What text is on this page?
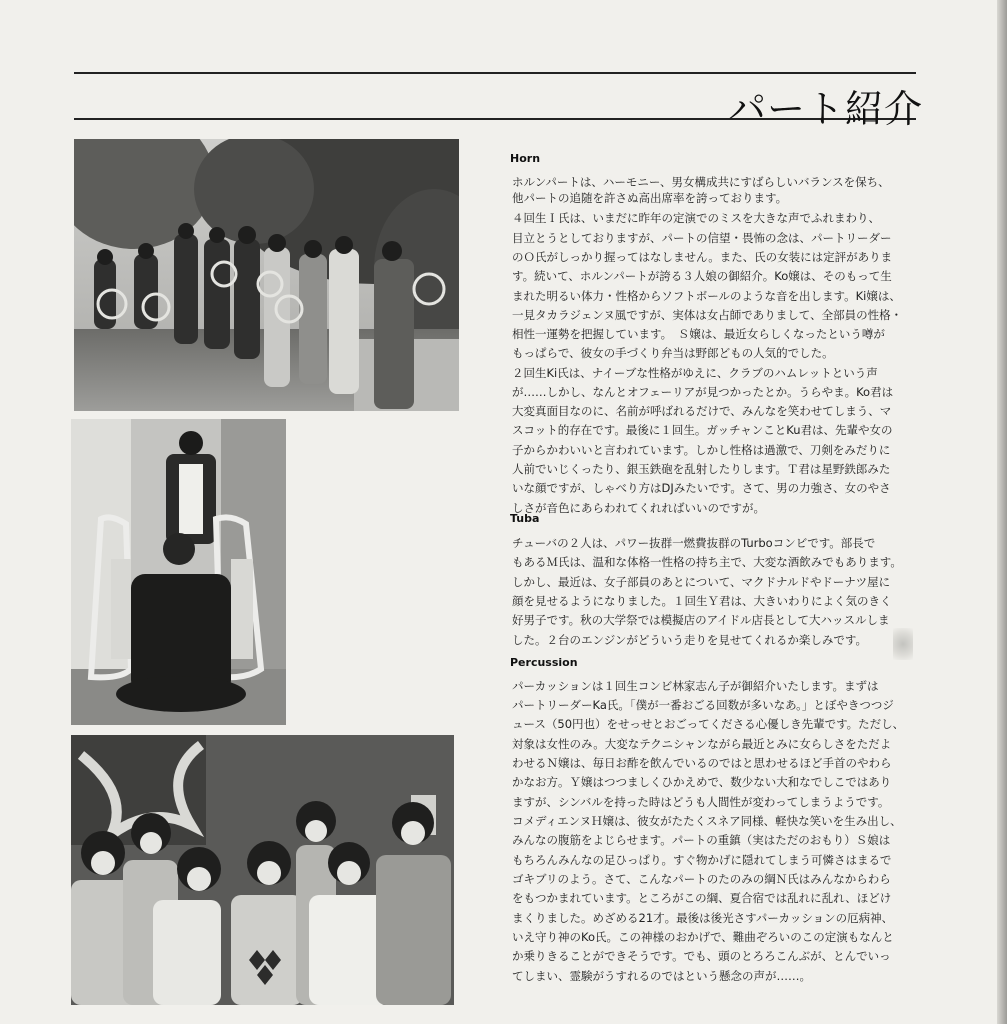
パート紹介
Horn

ホルンパートは、ハーモニー、男女構成共にすばらしいバランスを保ち、

他パートの追随を許さぬ高出席率を誇っております。

４回生Ｉ氏は、いまだに昨年の定演でのミスを大きな声でふれまわり、

目立とうとしておりますが、パートの信望・畏怖の念は、パートリーダー

のＯ氏がしっかり握ってはなしません。また、氏の女装には定評がありま

す。続いて、ホルンパートが誇る３人娘の御紹介。Ko嬢は、そのもって生

まれた明るい体力・性格からソフトボールのような音を出します。Ki嬢は、

一見タカラジェンヌ風ですが、実体は女占師でありまして、全部員の性格・

相性一運勢を把握しています。　Ｓ嬢は、最近女らしくなったという噂が

もっぱらで、彼女の手づくり弁当は野郎どもの人気的でした。

２回生Ki氏は、ナイーブな性格がゆえに、クラブのハムレットという声

が……しかし、なんとオフェーリアが見つかったとか。うらやま。Ko君は

大変真面目なのに、名前が呼ばれるだけで、みんなを笑わせてしまう、マ

スコット的存在です。最後に１回生。ガッチャンことKu君は、先輩や女の

子からかわいいと言われています。しかし性格は過激で、刀剣をみだりに

人前でいじくったり、銀玉鉄砲を乱射したりします。Ｔ君は星野鉄郎みた

いな顔ですが、しゃべり方はDJみたいです。さて、男の力強さ、女のやさ

しさが音色にあらわれてくれればいいのですが。

Tuba

チューバの２人は、パワー抜群一燃費抜群のTurboコンビです。部長で

もあるＭ氏は、温和な体格一性格の持ち主で、大変な酒飲みでもあります。

しかし、最近は、女子部員のあとについて、マクドナルドやドーナツ屋に

顔を見せるようになりました。１回生Ｙ君は、大きいわりによく気のきく

好男子です。秋の大学祭では模擬店のアイドル店長として大ハッスルしま

した。２台のエンジンがどういう走りを見せてくれるか楽しみです。

Percussion

パーカッションは１回生コンビ林家志ん子が御紹介いたします。まずは

パートリーダーKa氏。「僕が一番おごる回数が多いなあ。」とぼやきつつジ

ュース（50円也）をせっせとおごってくださる心優しき先輩です。ただし、

対象は女性のみ。大変なテクニシャンながら最近とみに女らしさをただよ

わせるＮ嬢は、毎日お酢を飲んでいるのではと思わせるほど手首のやわら

かなお方。Ｙ嬢はつつましくひかえめで、数少ない大和なでしこではあり

ますが、シンバルを持った時はどうも人間性が変わってしまうようです。

コメディエンヌＨ嬢は、彼女がたたくスネア同様、軽快な笑いを生み出し、

みんなの腹筋をよじらせます。パートの重鎮（実はただのおもり）Ｓ娘は

もちろんみんなの足ひっぱり。すぐ物かげに隠れてしまう可憐さはまるで

ゴキブリのよう。さて、こんなパートのたのみの綱Ｎ氏はみんなからわら

をもつかまれています。ところがこの綱、夏合宿では乱れに乱れ、ほどけ

まくりました。めざめる21才。最後は後光さすパーカッションの厄病神、

いえ守り神のKo氏。この神様のおかげで、難曲ぞろいのこの定演もなんと

か乗りきることができそうです。でも、頭のとろろこんぶが、とんでいっ

てしまい、霊験がうすれるのではという懸念の声が……。
